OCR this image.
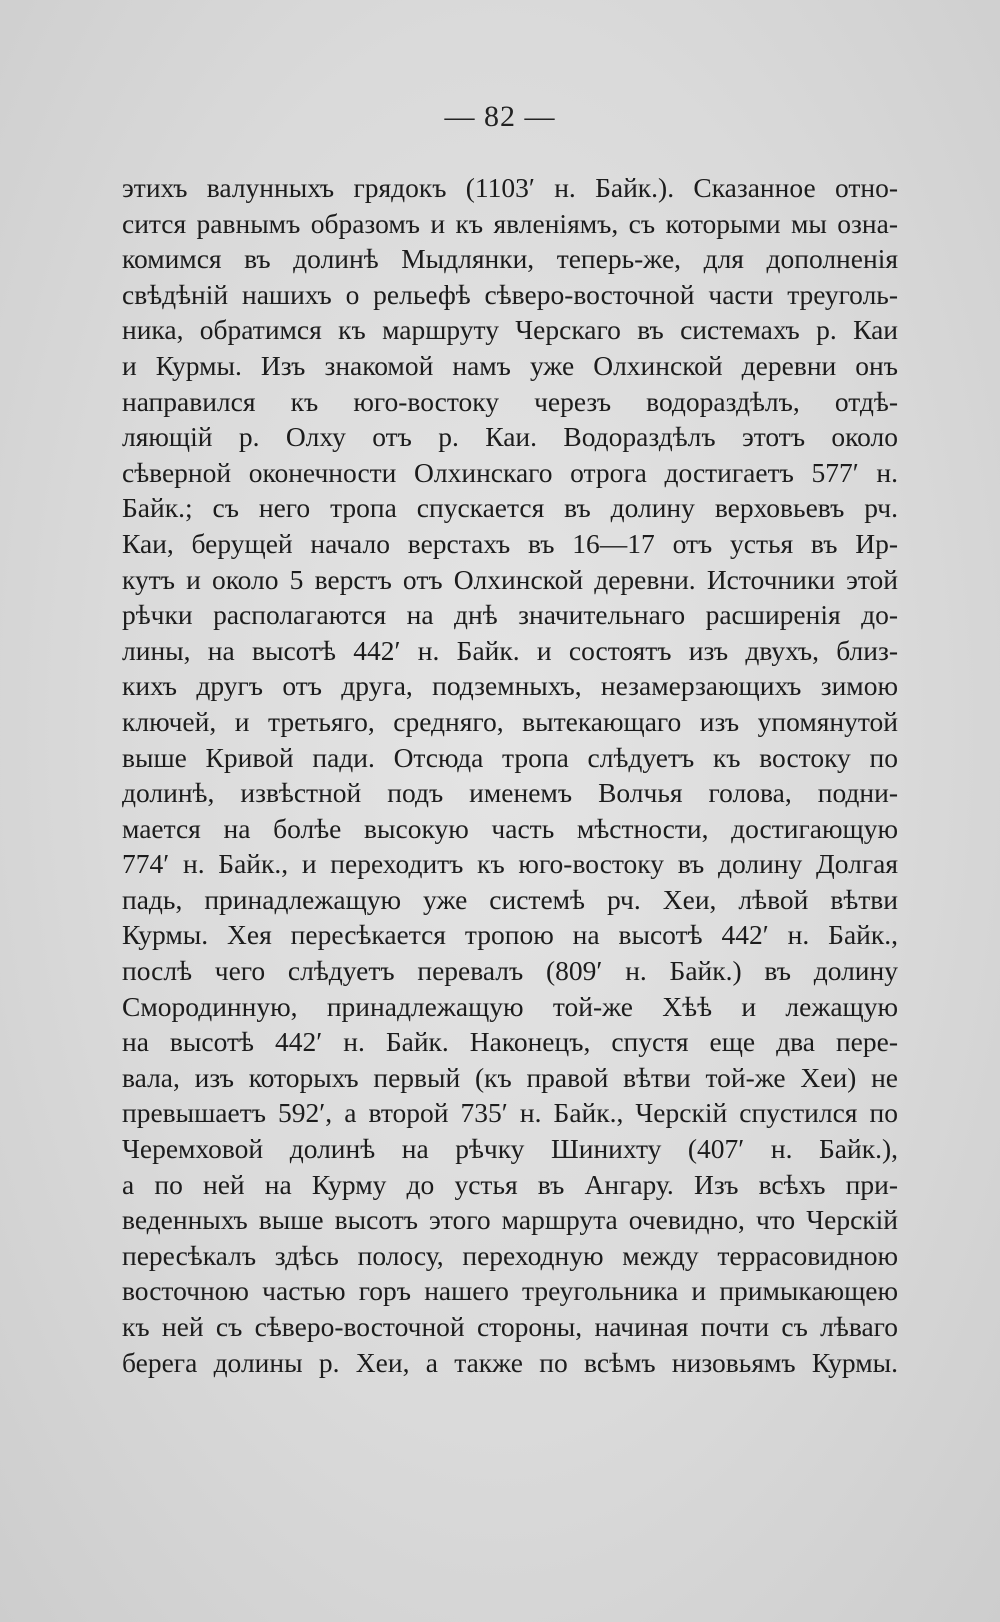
— 82 —
этихъ валунныхъ грядокъ (1103′ н. Байк.). Сказанное отно-
сится равнымъ образомъ и къ явленіямъ, съ которыми мы озна-
комимся въ долинѣ Мыдлянки, теперь-же, для дополненія
свѣдѣній нашихъ о рельефѣ сѣверо-восточной части треуголь-
ника, обратимся къ маршруту Черскаго въ системахъ р. Каи
и Курмы. Изъ знакомой намъ уже Олхинской деревни онъ
направился къ юго-востоку черезъ водораздѣлъ, отдѣ-
ляющій р. Олху отъ р. Каи. Водораздѣлъ этотъ около
сѣверной оконечности Олхинскаго отрога достигаетъ 577′ н.
Байк.; съ него тропа спускается въ долину верховьевъ рч.
Каи, берущей начало верстахъ въ 16—17 отъ устья въ Ир-
кутъ и около 5 верстъ отъ Олхинской деревни. Источники этой
рѣчки располагаются на днѣ значительнаго расширенія до-
лины, на высотѣ 442′ н. Байк. и состоятъ изъ двухъ, близ-
кихъ другъ отъ друга, подземныхъ, незамерзающихъ зимою
ключей, и третьяго, средняго, вытекающаго изъ упомянутой
выше Кривой пади. Отсюда тропа слѣдуетъ къ востоку по
долинѣ, извѣстной подъ именемъ Волчья голова, подни-
мается на болѣе высокую часть мѣстности, достигающую
774′ н. Байк., и переходитъ къ юго-востоку въ долину Долгая
падь, принадлежащую уже системѣ рч. Хеи, лѣвой вѣтви
Курмы. Хея пересѣкается тропою на высотѣ 442′ н. Байк.,
послѣ чего слѣдуетъ перевалъ (809′ н. Байк.) въ долину
Смородинную, принадлежащую той-же Хѣѣ и лежащую
на высотѣ 442′ н. Байк. Наконецъ, спустя еще два пере-
вала, изъ которыхъ первый (къ правой вѣтви той-же Хеи) не
превышаетъ 592′, а второй 735′ н. Байк., Черскій спустился по
Черемховой долинѣ на рѣчку Шинихту (407′ н. Байк.),
а по ней на Курму до устья въ Ангару. Изъ всѣхъ при-
веденныхъ выше высотъ этого маршрута очевидно, что Черскій
пересѣкалъ здѣсь полосу, переходную между террасовидною
восточною частью горъ нашего треугольника и примыкающею
къ ней съ сѣверо-восточной стороны, начиная почти съ лѣваго
берега долины р. Хеи, а также по всѣмъ низовьямъ Курмы.
